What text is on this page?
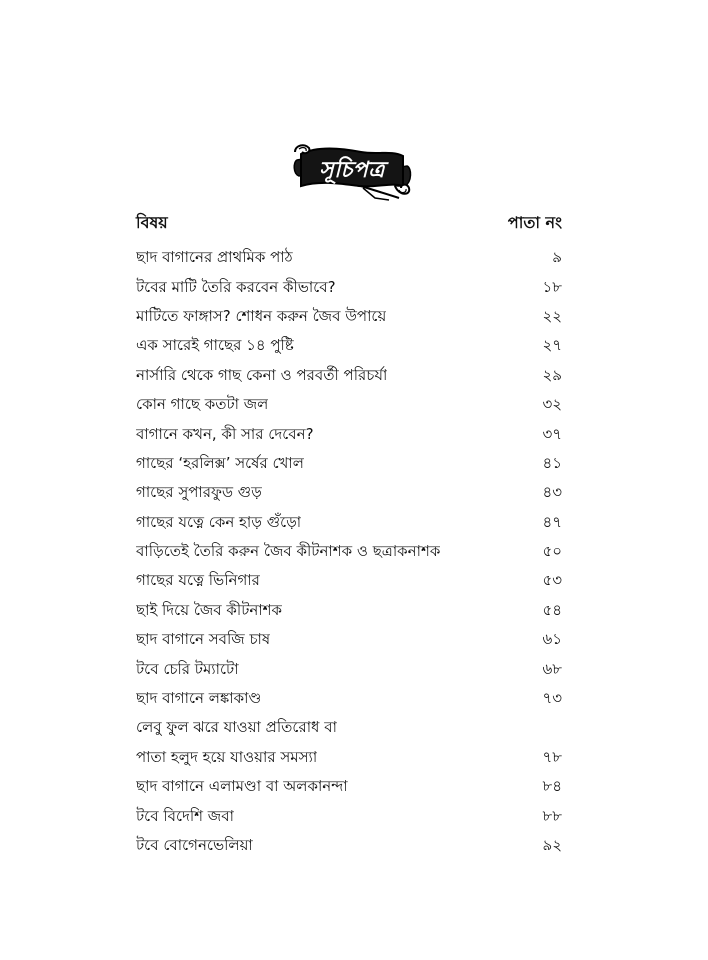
সূচিপত্র
বিষয়	পাতা নং
ছাদ বাগানের প্রাথমিক পাঠ	৯
টবের মাটি তৈরি করবেন কীভাবে?	১৮
মাটিতে ফাঙ্গাস? শোধন করুন জৈব উপায়ে	২২
এক সারেই গাছের ১৪ পুষ্টি	২৭
নার্সারি থেকে গাছ কেনা ও পরবর্তী পরিচর্যা	২৯
কোন গাছে কতটা জল	৩২
বাগানে কখন, কী সার দেবেন?	৩৭
গাছের ‘হরলিক্স’ সর্ষের খোল	৪১
গাছের সুপারফুড গুড়	৪৩
গাছের যত্নে কেন হাড় গুঁড়ো	৪৭
বাড়িতেই তৈরি করুন জৈব কীটনাশক ও ছত্রাকনাশক	৫০
গাছের যত্নে ভিনিগার	৫৩
ছাই দিয়ে জৈব কীটনাশক	৫৪
ছাদ বাগানে সবজি চাষ	৬১
টবে চেরি টম্যাটো	৬৮
ছাদ বাগানে লঙ্কাকাণ্ড	৭৩
লেবু ফুল ঝরে যাওয়া প্রতিরোধ বা
পাতা হলুদ হয়ে যাওয়ার সমস্যা	৭৮
ছাদ বাগানে এলামণ্ডা বা অলকানন্দা	৮৪
টবে বিদেশি জবা	৮৮
টবে বোগেনভেলিয়া	৯২
